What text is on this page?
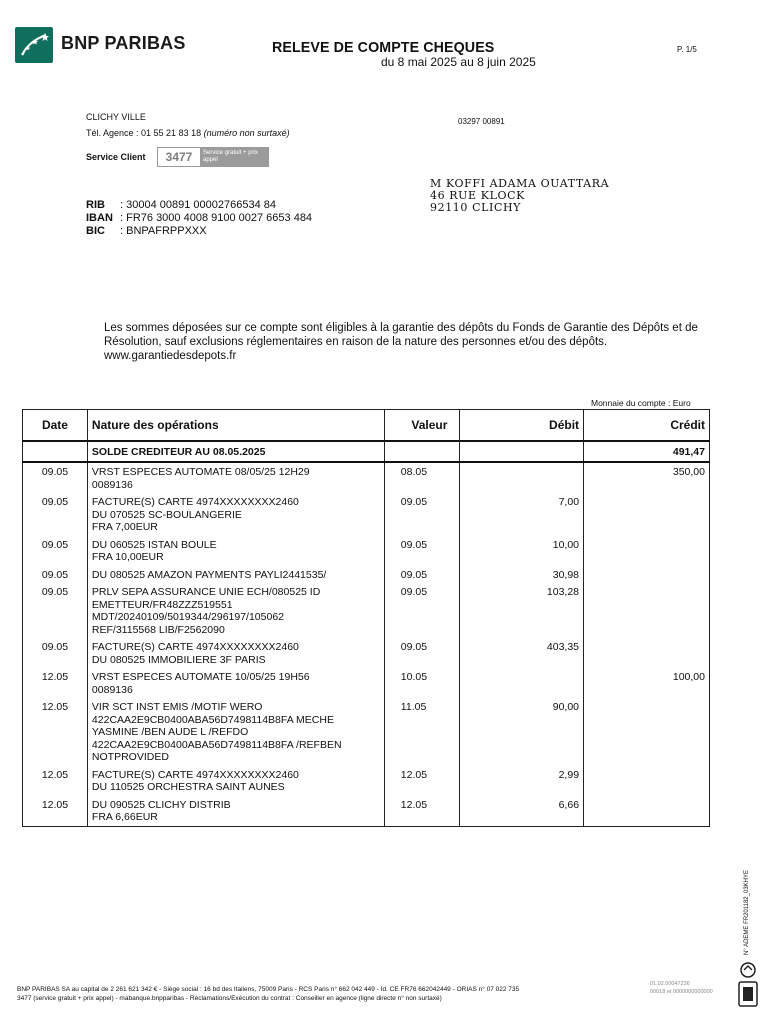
BNP PARIBAS	RELEVE DE COMPTE CHEQUES
du 8 mai 2025 au 8 juin 2025
P. 1/5
CLICHY VILLE
Tél. Agence : 01 55 21 83 18 (numéro non surtaxé)
03297 00891
Service Client	3477	Service gratuit + prix appel
RIB : 30004 00891 00002766534 84
IBAN : FR76 3000 4008 9100 0027 6653 484
BIC : BNPAFRPPXXX
M KOFFI ADAMA OUATTARA
46 RUE KLOCK
92110 CLICHY
Les sommes déposées sur ce compte sont éligibles à la garantie des dépôts du Fonds de Garantie des Dépôts et de Résolution, sauf exclusions réglementaires en raison de la nature des personnes et/ou des dépôts.
www.garantiedesdepots.fr
Monnaie du compte : Euro
Date	Nature des opérations	Valeur	Débit	Crédit
	SOLDE CREDITEUR AU 08.05.2025			491,47
09.05	VRST ESPECES AUTOMATE 08/05/25 12H29
0089136	08.05		350,00
09.05	FACTURE(S) CARTE 4974XXXXXXXX2460
DU 070525 SC-BOULANGERIE
FRA 7,00EUR	09.05	7,00	
09.05	DU 060525 ISTAN BOULE
FRA 10,00EUR	09.05	10,00	
09.05	DU 080525 AMAZON PAYMENTS PAYLI2441535/	09.05	30,98	
09.05	PRLV SEPA ASSURANCE UNIE ECH/080525 ID
EMETTEUR/FR48ZZZ519551
MDT/20240109/5019344/296197/105062
REF/3115568 LIB/F2562090	09.05	103,28	
09.05	FACTURE(S) CARTE 4974XXXXXXXX2460
DU 080525 IMMOBILIERE 3F PARIS	09.05	403,35	
12.05	VRST ESPECES AUTOMATE 10/05/25 19H56
0089136	10.05		100,00
12.05	VIR SCT INST EMIS /MOTIF WERO
422CAA2E9CB0400ABA56D7498114B8FA MECHE
YASMINE /BEN AUDE L /REFDO
422CAA2E9CB0400ABA56D7498114B8FA /REFBEN
NOTPROVIDED	11.05	90,00	
12.05	FACTURE(S) CARTE 4974XXXXXXXX2460
DU 110525 ORCHESTRA SAINT AUNES	12.05	2,99	
12.05	DU 090525 CLICHY DISTRIB
FRA 6,66EUR	12.05	6,66	
BNP PARIBAS SA au capital de 2 261 621 342 € - Siège social : 16 bd des Italiens, 75009 Paris - RCS Paris n° 662 042 449 - Id. CE FR76 662042449 - ORIAS n° 07 022 735
3477 (service gratuit + prix appel) - mabanque.bnpparibas - Réclamations/Exécution du contrat : Conseiller en agence (ligne directe n° non surtaxé)
01.02.00047236
00018 et 0000000000000
N° ADEME FR201182_03KHYE
